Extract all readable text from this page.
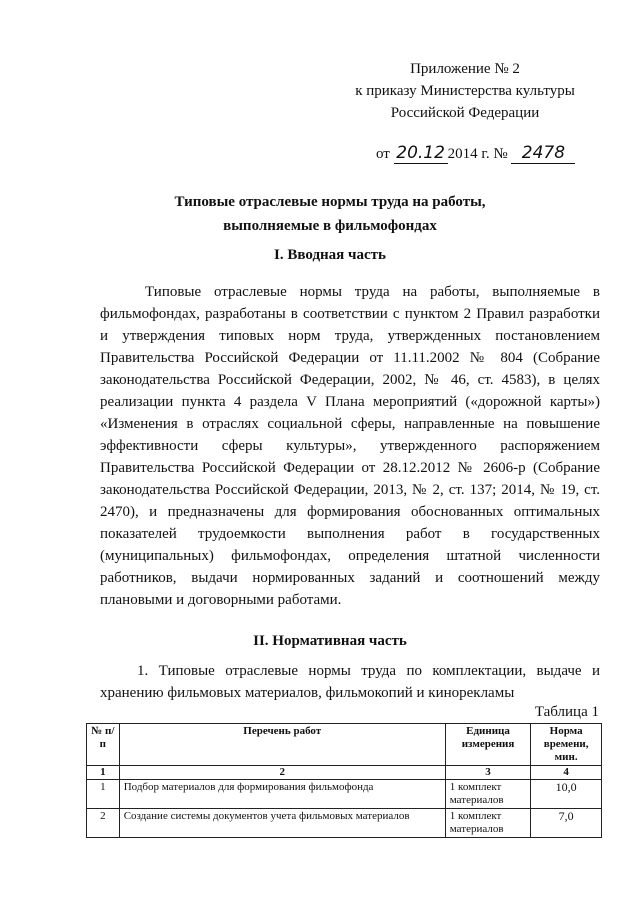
Приложение № 2
к приказу Министерства культуры
Российской Федерации
от 20.12 2014 г. № 2478
Типовые отраслевые нормы труда на работы,
выполняемые в фильмофондах
I. Вводная часть

Типовые отраслевые нормы труда на работы, выполняемые в фильмофондах, разработаны в соответствии с пунктом 2 Правил разработки и утверждения типовых норм труда, утвержденных постановлением Правительства Российской Федерации от 11.11.2002 № 804 (Собрание законодательства Российской Федерации, 2002, № 46, ст. 4583), в целях реализации пункта 4 раздела V Плана мероприятий («дорожной карты») «Изменения в отраслях социальной сферы, направленные на повышение эффективности сферы культуры», утвержденного распоряжением Правительства Российской Федерации от 28.12.2012 № 2606-р (Собрание законодательства Российской Федерации, 2013, № 2, ст. 137; 2014, № 19, ст. 2470), и предназначены для формирования обоснованных оптимальных показателей трудоемкости выполнения работ в государственных (муниципальных) фильмофондах, определения штатной численности работников, выдачи нормированных заданий и соотношений между плановыми и договорными работами.

II. Нормативная часть

1. Типовые отраслевые нормы труда по комплектации, выдаче и хранению фильмовых материалов, фильмокопий и кинорекламы

Таблица 1
№ п/п	Перечень работ	Единица измерения	Норма времени, мин.
1	2	3	4
1	Подбор материалов для формирования фильмофонда	1 комплект материалов	10,0
2	Создание системы документов учета фильмовых материалов	1 комплект материалов	7,0
